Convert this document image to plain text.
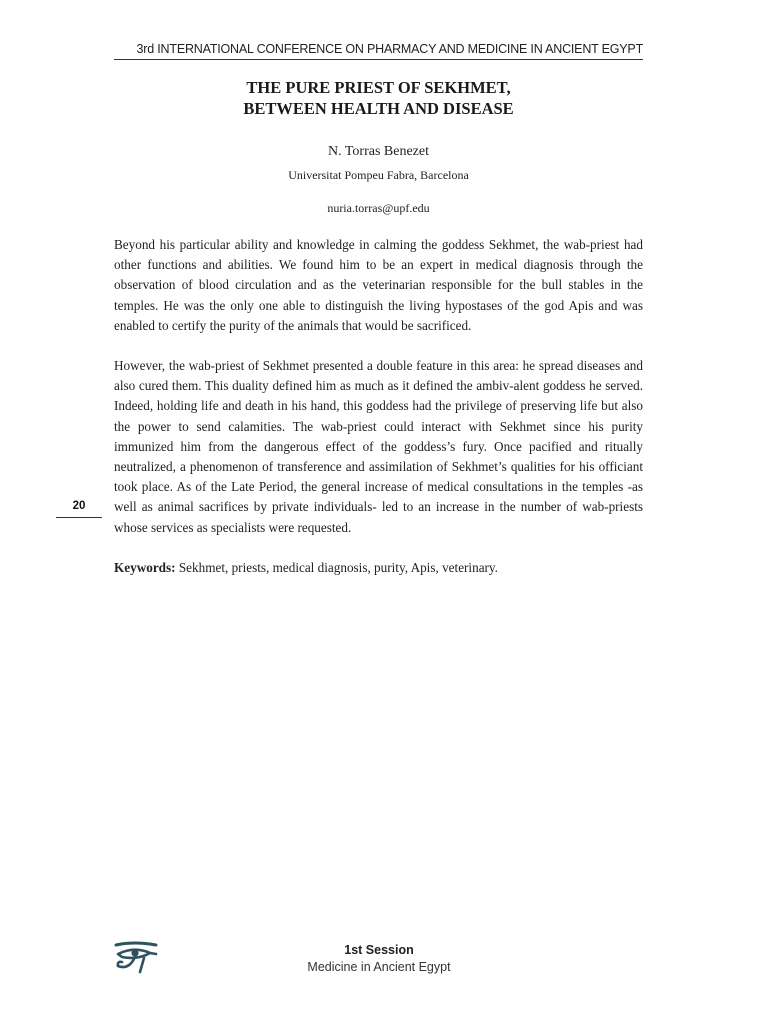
3rd INTERNATIONAL CONFERENCE ON PHARMACY AND MEDICINE IN ANCIENT EGYPT
THE PURE PRIEST OF SEKHMET,
BETWEEN HEALTH AND DISEASE
N. Torras Benezet
Universitat Pompeu Fabra, Barcelona
nuria.torras@upf.edu

Beyond his particular ability and knowledge in calming the goddess Sekhmet, the wab-priest had other functions and abilities. We found him to be an expert in medical diagnosis through the observation of blood circulation and as the veterinarian responsible for the bull stables in the temples. He was the only one able to distinguish the living hypostases of the god Apis and was enabled to certify the purity of the animals that would be sacrificed.

However, the wab-priest of Sekhmet presented a double feature in this area: he spread diseases and also cured them. This duality defined him as much as it defined the ambiv-alent goddess he served. Indeed, holding life and death in his hand, this goddess had the privilege of preserving life but also the power to send calamities. The wab-priest could interact with Sekhmet since his purity immunized him from the dangerous effect of the goddess’s fury. Once pacified and ritually neutralized, a phenomenon of transference and assimilation of Sekhmet’s qualities for his officiant took place. As of the Late Period, the general increase of medical consultations in the temples -as well as animal sacrifices by private individuals- led to an increase in the number of wab-priests whose services as specialists were requested.

Keywords: Sekhmet, priests, medical diagnosis, purity, Apis, veterinary.

20
1st Session
Medicine in Ancient Egypt
